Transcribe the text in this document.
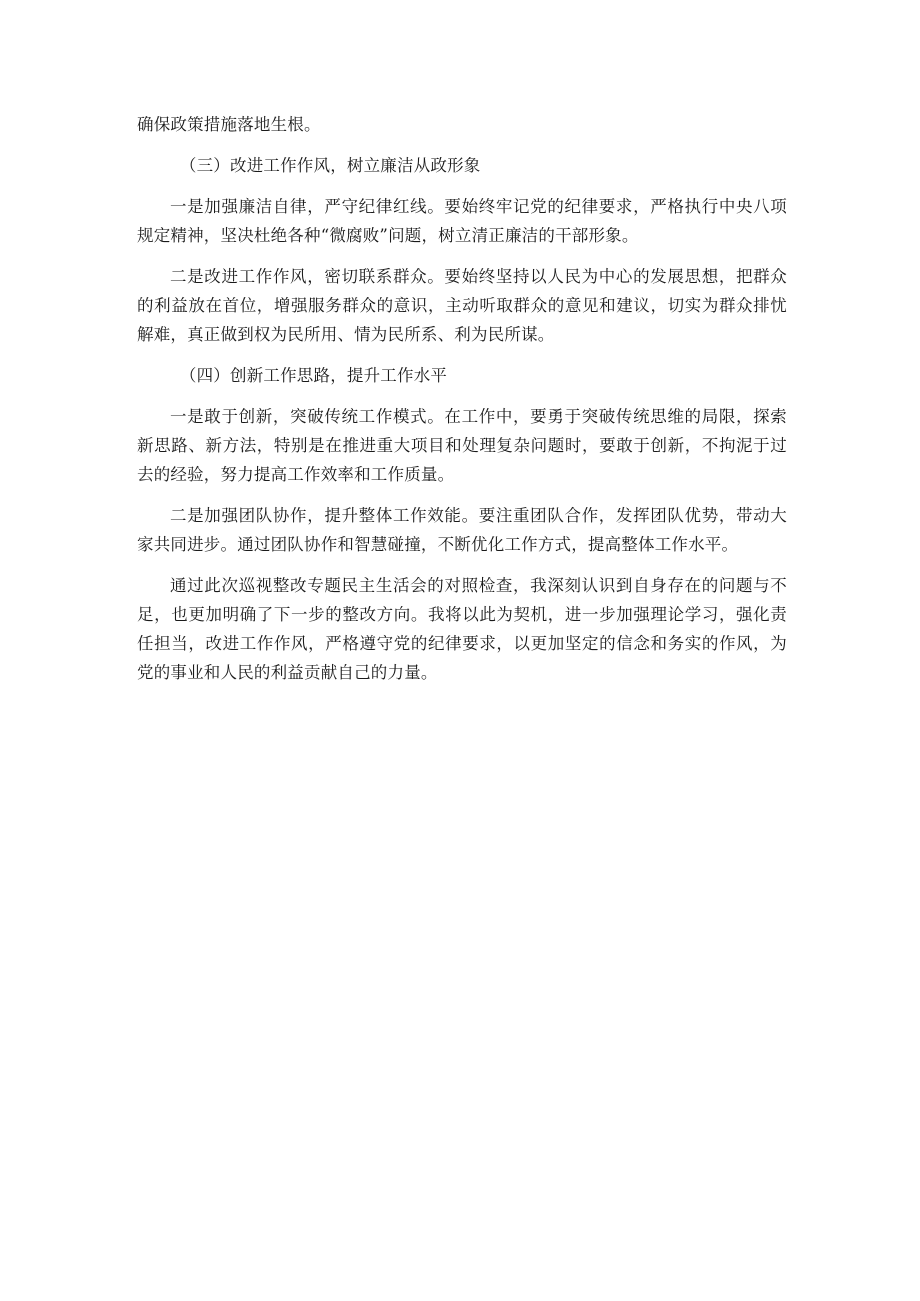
确保政策措施落地生根。

（三）改进工作作风，树立廉洁从政形象

一是加强廉洁自律，严守纪律红线。要始终牢记党的纪律要求，严格执行中央八项规定精神，坚决杜绝各种“微腐败”问题，树立清正廉洁的干部形象。

二是改进工作作风，密切联系群众。要始终坚持以人民为中心的发展思想，把群众的利益放在首位，增强服务群众的意识，主动听取群众的意见和建议，切实为群众排忧解难，真正做到权为民所用、情为民所系、利为民所谋。

（四）创新工作思路，提升工作水平

一是敢于创新，突破传统工作模式。在工作中，要勇于突破传统思维的局限，探索新思路、新方法，特别是在推进重大项目和处理复杂问题时，要敢于创新，不拘泥于过去的经验，努力提高工作效率和工作质量。

二是加强团队协作，提升整体工作效能。要注重团队合作，发挥团队优势，带动大家共同进步。通过团队协作和智慧碰撞，不断优化工作方式，提高整体工作水平。

通过此次巡视整改专题民主生活会的对照检查，我深刻认识到自身存在的问题与不足，也更加明确了下一步的整改方向。我将以此为契机，进一步加强理论学习，强化责任担当，改进工作作风，严格遵守党的纪律要求，以更加坚定的信念和务实的作风，为党的事业和人民的利益贡献自己的力量。
